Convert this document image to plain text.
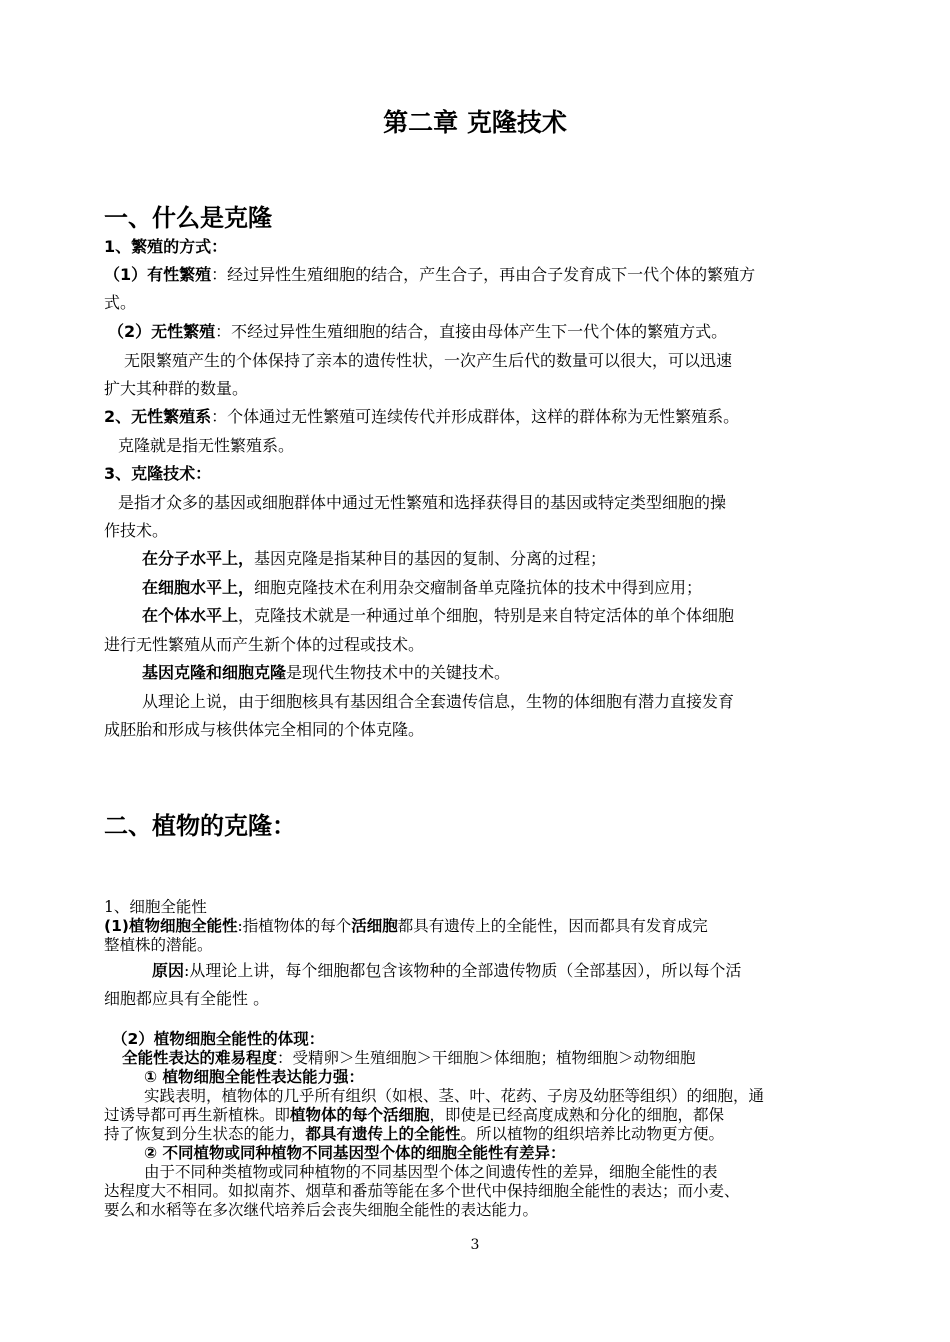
第二章 克隆技术
一、什么是克隆
1、繁殖的方式：
（1）有性繁殖：经过异性生殖细胞的结合，产生合子，再由合子发育成下一代个体的繁殖方
式。
（2）无性繁殖：不经过异性生殖细胞的结合，直接由母体产生下一代个体的繁殖方式。
无限繁殖产生的个体保持了亲本的遗传性状，一次产生后代的数量可以很大，可以迅速
扩大其种群的数量。
2、无性繁殖系：个体通过无性繁殖可连续传代并形成群体，这样的群体称为无性繁殖系。
克隆就是指无性繁殖系。
3、克隆技术：
是指才众多的基因或细胞群体中通过无性繁殖和选择获得目的基因或特定类型细胞的操
作技术。
在分子水平上，基因克隆是指某种目的基因的复制、分离的过程；
在细胞水平上，细胞克隆技术在利用杂交瘤制备单克隆抗体的技术中得到应用；
在个体水平上，克隆技术就是一种通过单个细胞，特别是来自特定活体的单个体细胞
进行无性繁殖从而产生新个体的过程或技术。
基因克隆和细胞克隆是现代生物技术中的关键技术。
从理论上说，由于细胞核具有基因组合全套遗传信息，生物的体细胞有潜力直接发育
成胚胎和形成与核供体完全相同的个体克隆。
二、植物的克隆：
1、细胞全能性
(1)植物细胞全能性:指植物体的每个活细胞都具有遗传上的全能性，因而都具有发育成完
整植株的潜能。
原因:从理论上讲，每个细胞都包含该物种的全部遗传物质（全部基因），所以每个活
细胞都应具有全能性 。
（2）植物细胞全能性的体现：
全能性表达的难易程度：受精卵＞生殖细胞＞干细胞＞体细胞；植物细胞＞动物细胞
① 植物细胞全能性表达能力强：
实践表明，植物体的几乎所有组织（如根、茎、叶、花药、子房及幼胚等组织）的细胞，通
过诱导都可再生新植株。即植物体的每个活细胞，即使是已经高度成熟和分化的细胞，都保
持了恢复到分生状态的能力，都具有遗传上的全能性。所以植物的组织培养比动物更方便。
② 不同植物或同种植物不同基因型个体的细胞全能性有差异：
由于不同种类植物或同种植物的不同基因型个体之间遗传性的差异，细胞全能性的表
达程度大不相同。如拟南芥、烟草和番茄等能在多个世代中保持细胞全能性的表达；而小麦、
要么和水稻等在多次继代培养后会丧失细胞全能性的表达能力。
3
